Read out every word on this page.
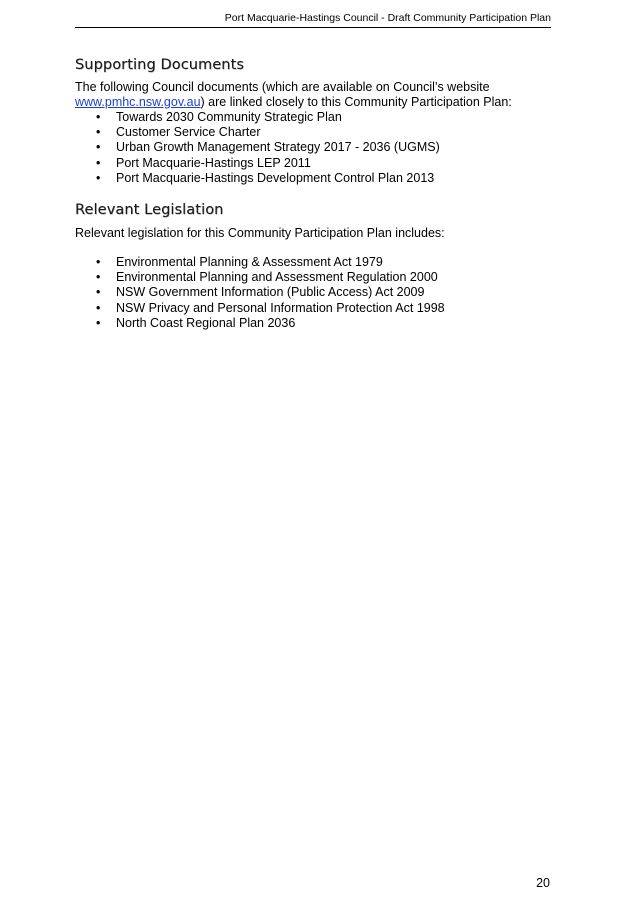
Port Macquarie-Hastings Council - Draft Community Participation Plan
Supporting Documents

The following Council documents (which are available on Council’s website www.pmhc.nsw.gov.au) are linked closely to this Community Participation Plan:

• Towards 2030 Community Strategic Plan
• Customer Service Charter
• Urban Growth Management Strategy 2017 - 2036 (UGMS)
• Port Macquarie-Hastings LEP 2011
• Port Macquarie-Hastings Development Control Plan 2013
Relevant Legislation

Relevant legislation for this Community Participation Plan includes:

• Environmental Planning & Assessment Act 1979
• Environmental Planning and Assessment Regulation 2000
• NSW Government Information (Public Access) Act 2009
• NSW Privacy and Personal Information Protection Act 1998
• North Coast Regional Plan 2036
20
